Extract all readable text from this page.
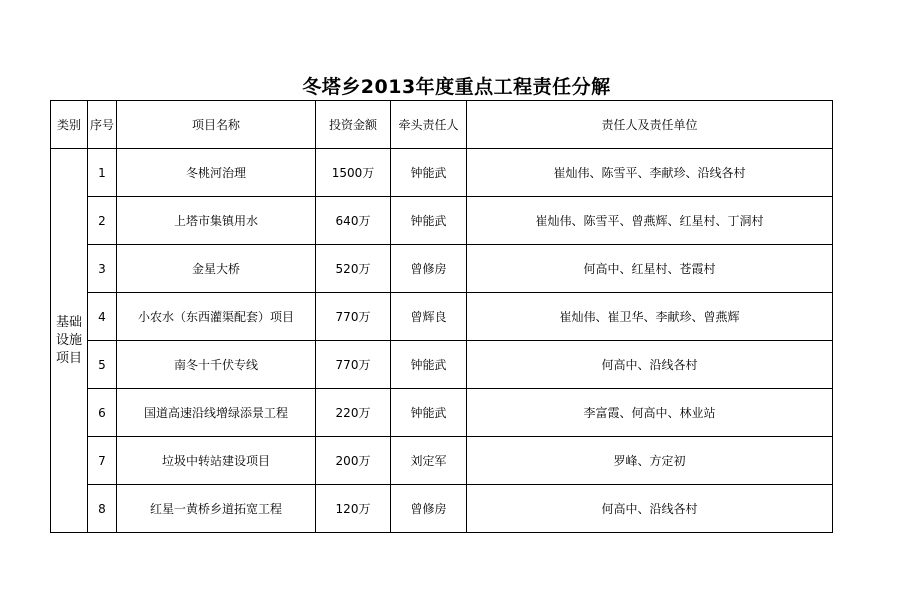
冬塔乡2013年度重点工程责任分解
类别	序号	项目名称	投资金额	牵头责任人	责任人及责任单位
基础设施项目	1	冬桃河治理	1500万	钟能武	崔灿伟、陈雪平、李献珍、沿线各村
	2	上塔市集镇用水	640万	钟能武	崔灿伟、陈雪平、曾燕辉、红星村、丁洞村
	3	金星大桥	520万	曾修房	何高中、红星村、苍霞村
	4	小农水（东西灌渠配套）项目	770万	曾辉良	崔灿伟、崔卫华、李献珍、曾燕辉
	5	南冬十千伏专线	770万	钟能武	何高中、沿线各村
	6	国道高速沿线增绿添景工程	220万	钟能武	李富霞、何高中、林业站
	7	垃圾中转站建设项目	200万	刘定军	罗峰、方定初
	8	红星一黄桥乡道拓宽工程	120万	曾修房	何高中、沿线各村
